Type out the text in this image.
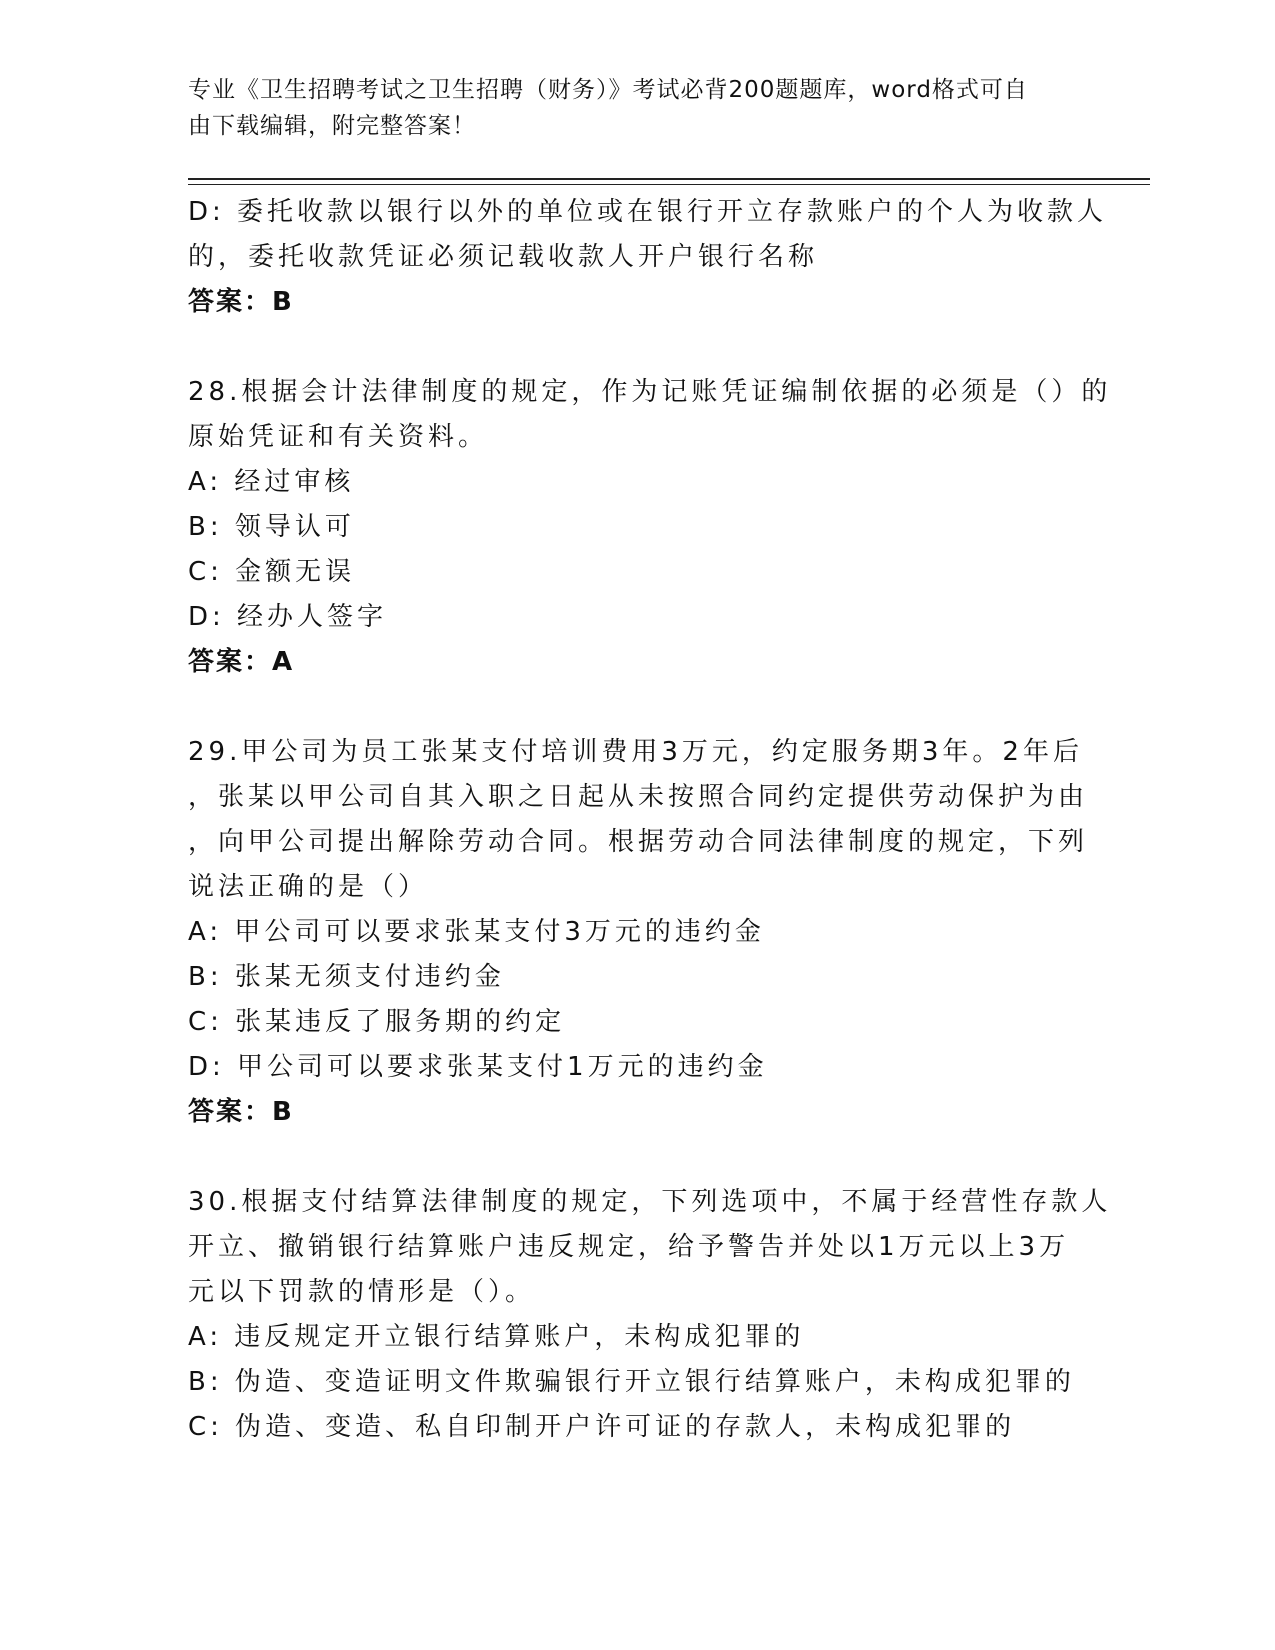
专业《卫生招聘考试之卫生招聘（财务）》考试必背200题题库，word格式可自
由下载编辑，附完整答案！
D: 委托收款以银行以外的单位或在银行开立存款账户的个人为收款人
的，委托收款凭证必须记载收款人开户银行名称
答案：B
28.根据会计法律制度的规定，作为记账凭证编制依据的必须是（）的
原始凭证和有关资料。
A: 经过审核
B: 领导认可
C: 金额无误
D: 经办人签字
答案：A
29.甲公司为员工张某支付培训费用3万元，约定服务期3年。2年后
，张某以甲公司自其入职之日起从未按照合同约定提供劳动保护为由
，向甲公司提出解除劳动合同。根据劳动合同法律制度的规定，下列
说法正确的是（）
A: 甲公司可以要求张某支付3万元的违约金
B: 张某无须支付违约金
C: 张某违反了服务期的约定
D: 甲公司可以要求张某支付1万元的违约金
答案：B
30.根据支付结算法律制度的规定，下列选项中，不属于经营性存款人
开立、撤销银行结算账户违反规定，给予警告并处以1万元以上3万
元以下罚款的情形是（）。
A: 违反规定开立银行结算账户，未构成犯罪的
B: 伪造、变造证明文件欺骗银行开立银行结算账户，未构成犯罪的
C: 伪造、变造、私自印制开户许可证的存款人，未构成犯罪的
